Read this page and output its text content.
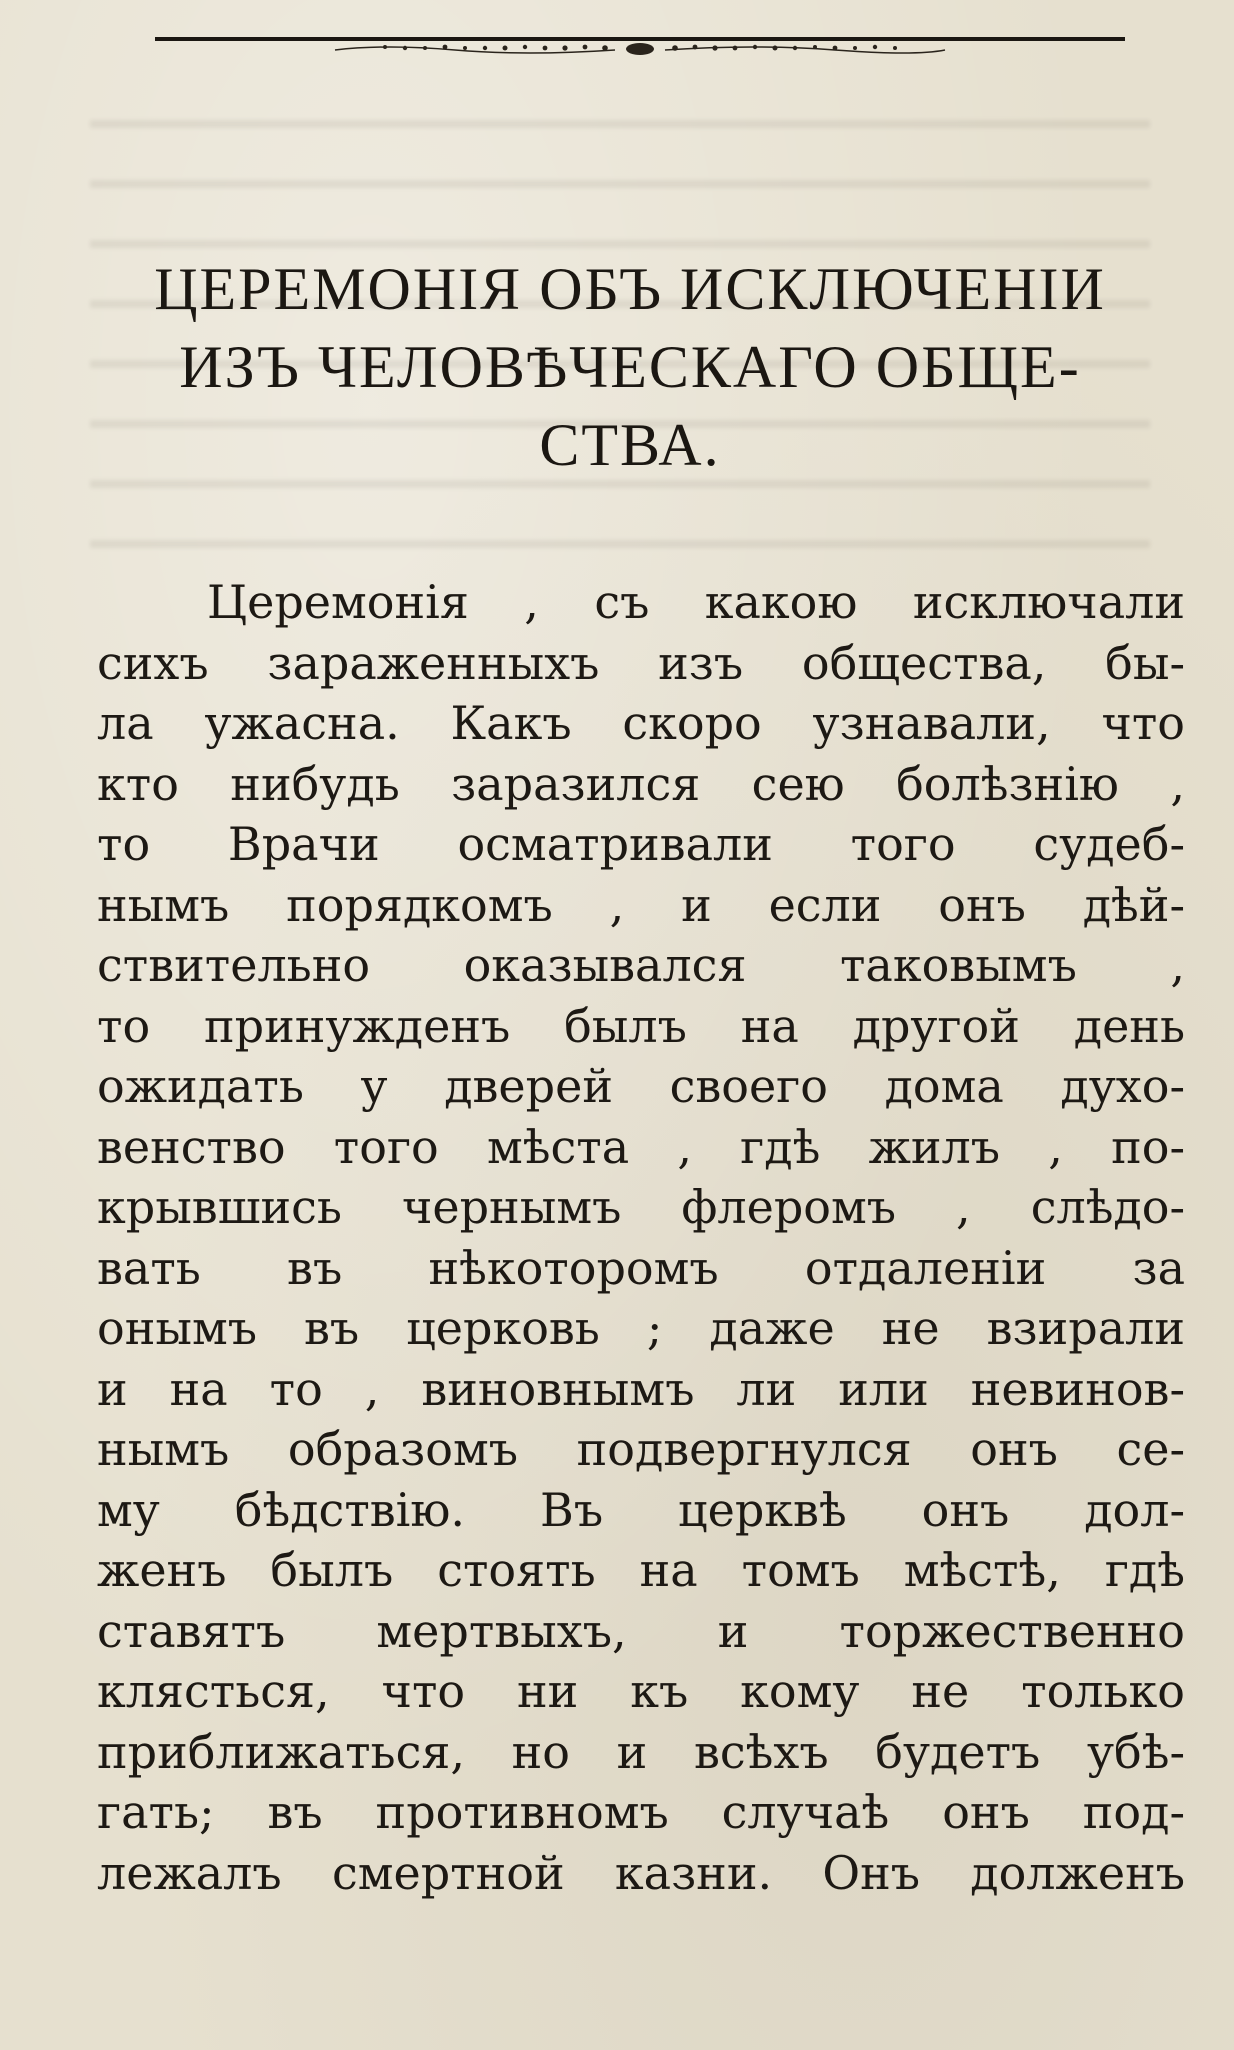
ЦЕРЕМОНІЯ ОБЪ ИСКЛЮЧЕНІИ
ИЗЪ ЧЕЛОВѢЧЕСКАГО ОБЩЕ-
СТВА.
Церемонія , съ какою исключали
сихъ зараженныхъ изъ общества, бы-
ла ужасна. Какъ скоро узнавали, что
кто нибудь заразился сею болѣзнію ,
то Врачи осматривали того судеб-
нымъ порядкомъ , и если онъ дѣй-
ствительно оказывался таковымъ ,
то принужденъ былъ на другой день
ожидать у дверей своего дома духо-
венство того мѣста , гдѣ жилъ , по-
крывшись чернымъ флеромъ , слѣдо-
вать въ нѣкоторомъ отдаленіи за
онымъ въ церковь ; даже не взирали
и на то , виновнымъ ли или невинов-
нымъ образомъ подвергнулся онъ се-
му бѣдствію. Въ церквѣ онъ дол-
женъ былъ стоять на томъ мѣстѣ, гдѣ
ставятъ мертвыхъ, и торжественно
клясться, что ни къ кому не только
приближаться, но и всѣхъ будетъ убѣ-
гать; въ противномъ случаѣ онъ под-
лежалъ смертной казни. Онъ долженъ
